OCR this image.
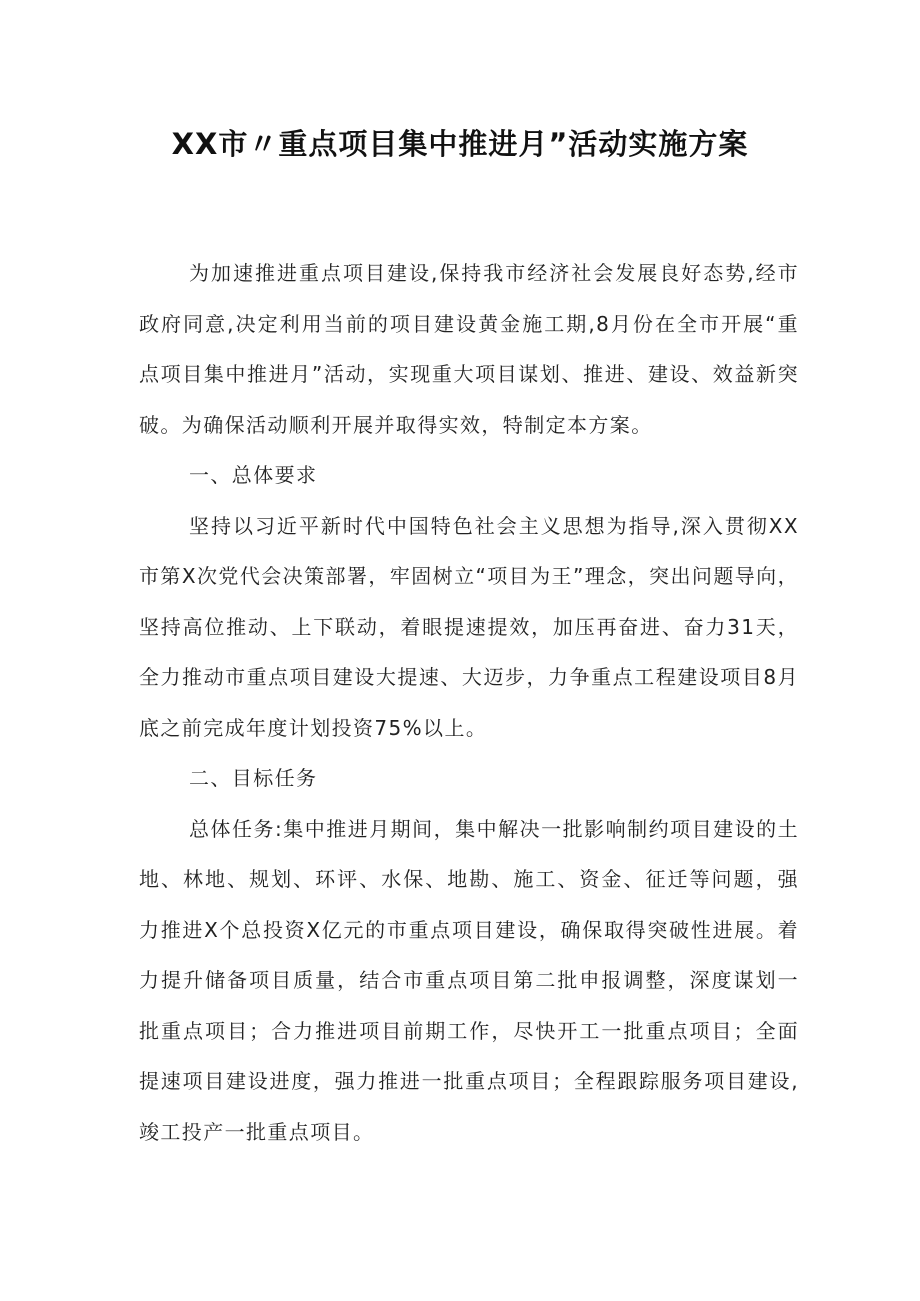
XX市〃重点项目集中推进月”活动实施方案

为加速推进重点项目建设,保持我市经济社会发展良好态势,经市政府同意,决定利用当前的项目建设黄金施工期,8月份在全市开展“重点项目集中推进月”活动，实现重大项目谋划、推进、建设、效益新突破。为确保活动顺利开展并取得实效，特制定本方案。

一、总体要求

坚持以习近平新时代中国特色社会主义思想为指导,深入贯彻XX市第X次党代会决策部署，牢固树立“项目为王”理念，突出问题导向，坚持高位推动、上下联动，着眼提速提效，加压再奋进、奋力31天，全力推动市重点项目建设大提速、大迈步，力争重点工程建设项目8月底之前完成年度计划投资75%以上。

二、目标任务

总体任务:集中推进月期间，集中解决一批影响制约项目建设的土地、林地、规划、环评、水保、地勘、施工、资金、征迁等问题，强力推进X个总投资X亿元的市重点项目建设，确保取得突破性进展。着力提升储备项目质量，结合市重点项目第二批申报调整，深度谋划一批重点项目；合力推进项目前期工作，尽快开工一批重点项目；全面提速项目建设进度，强力推进一批重点项目；全程跟踪服务项目建设,竣工投产一批重点项目。
